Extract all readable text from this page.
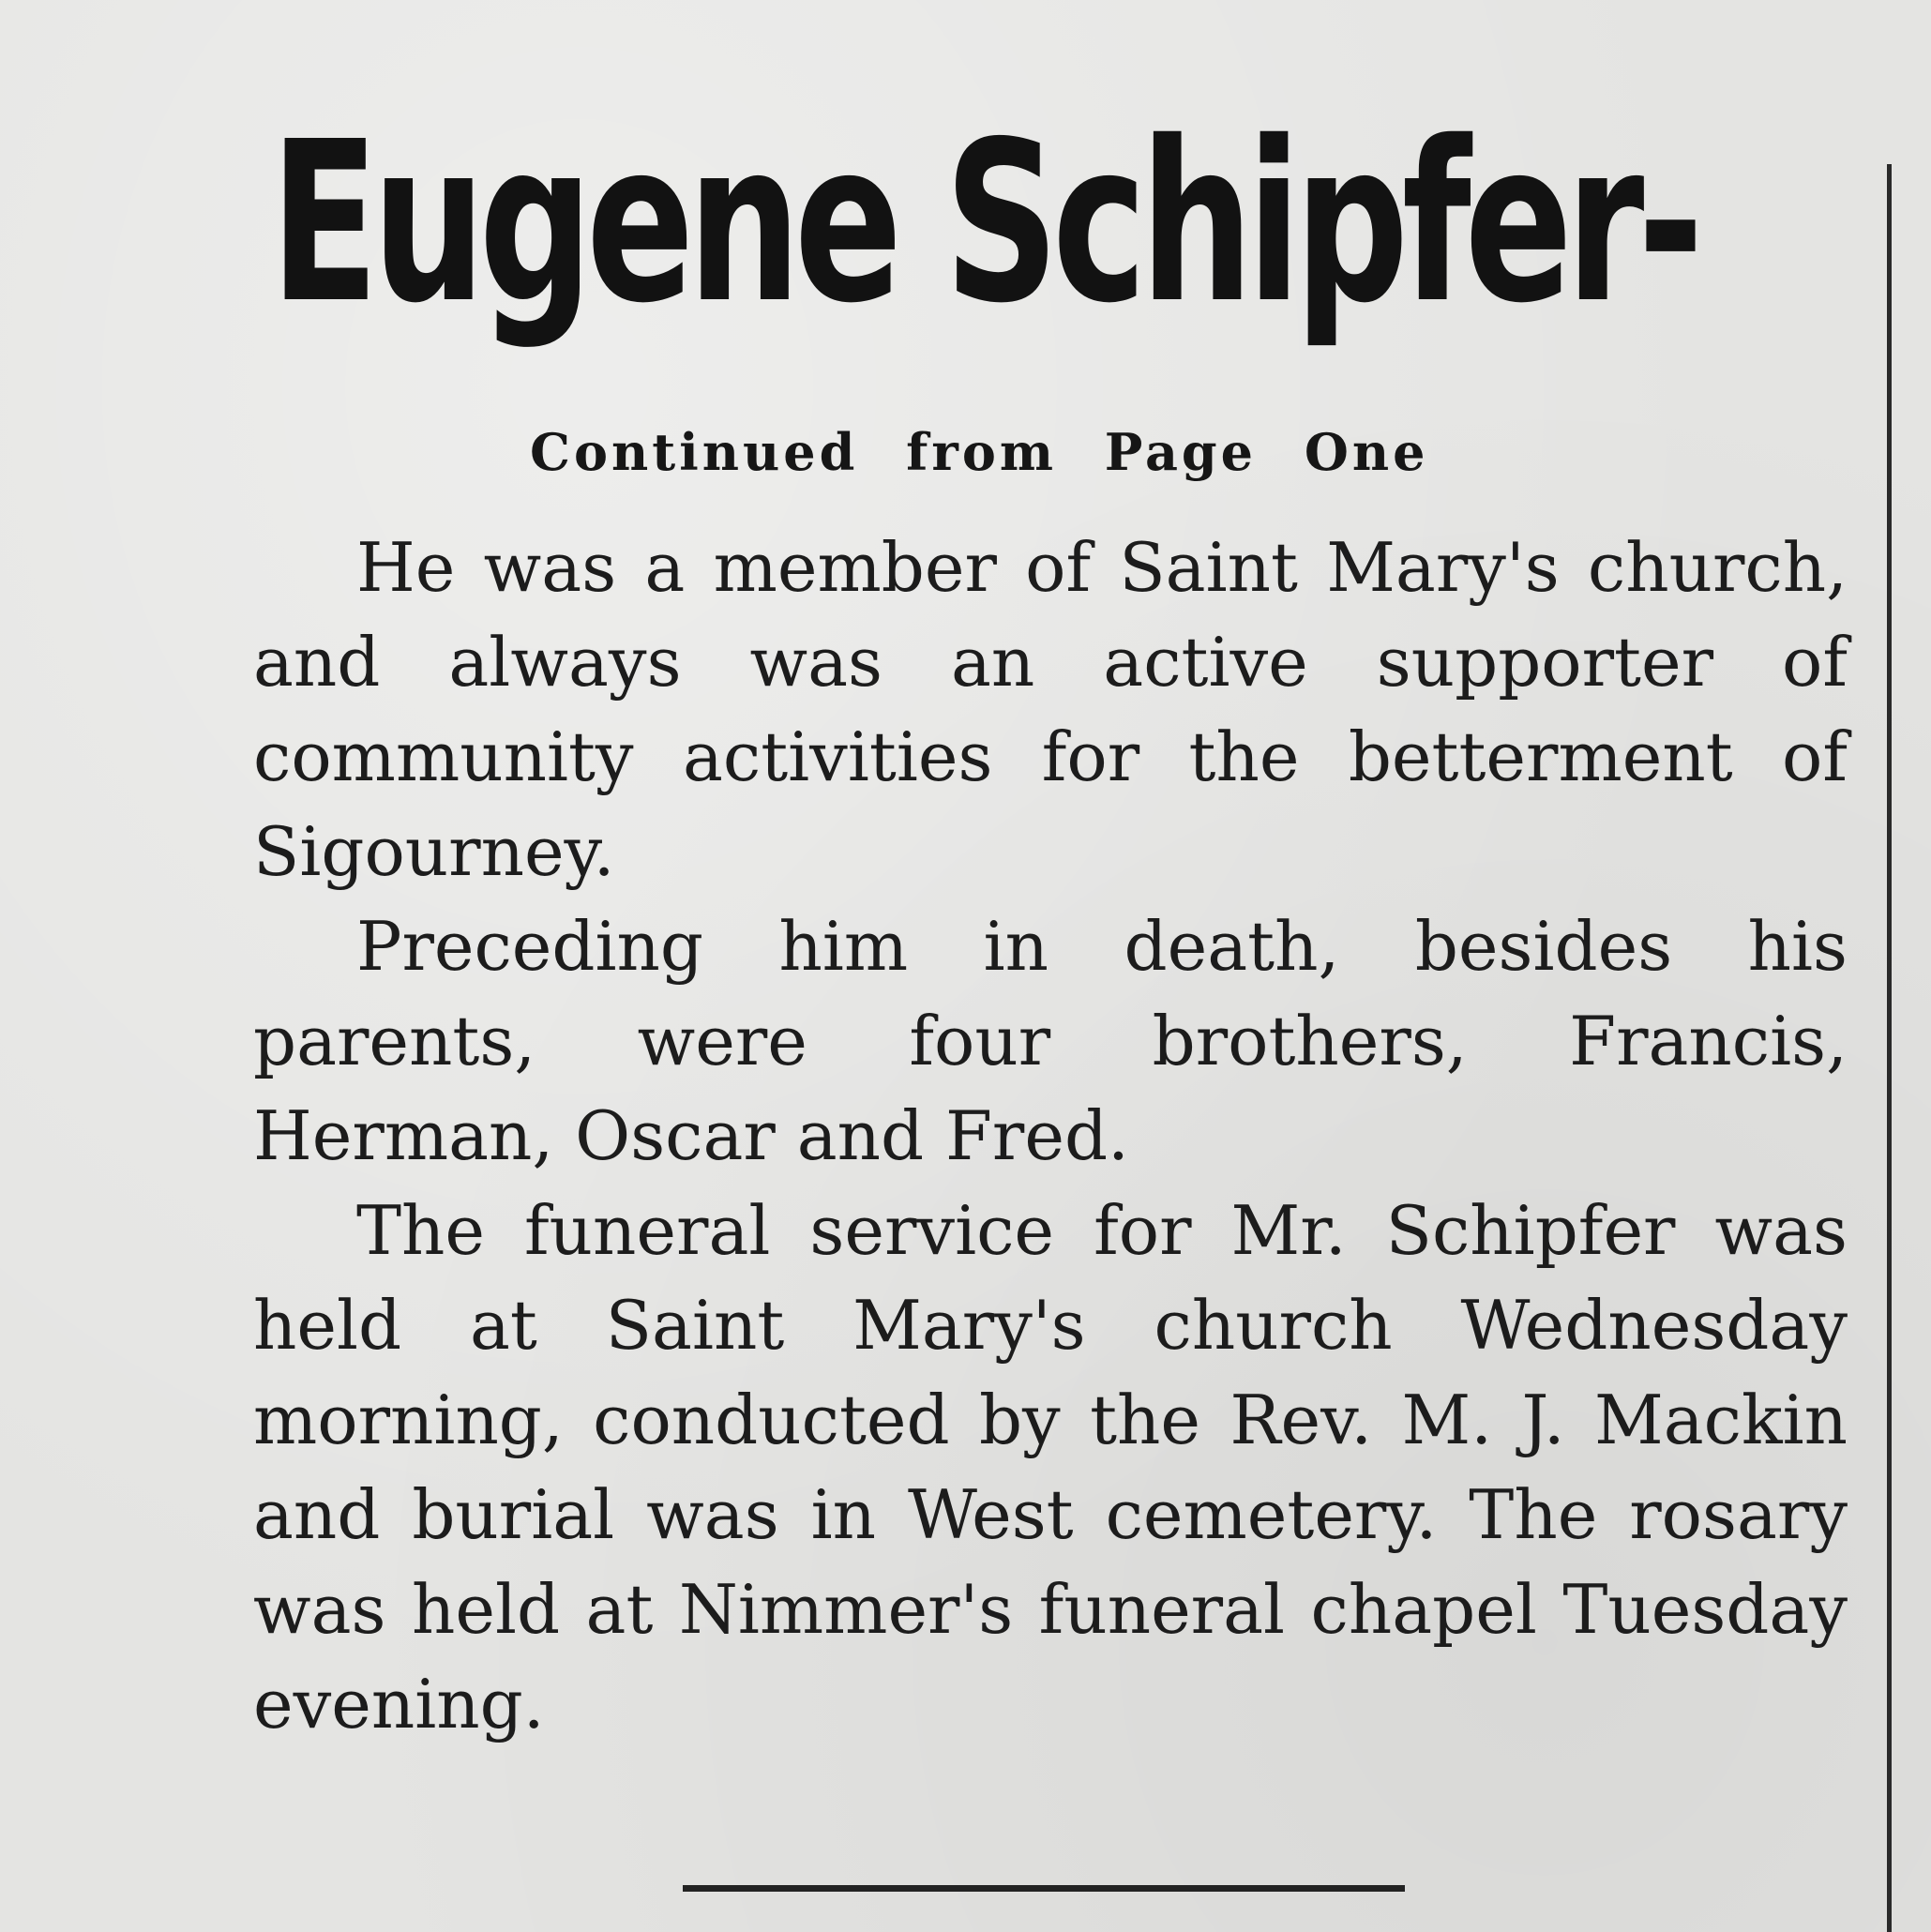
Eugene Schipfer-
Continued from Page One

He was a member of Saint Mary's church, and always was an active supporter of community activities for the betterment of Sigourney.

Preceding him in death, besides his parents, were four brothers, Francis, Herman, Oscar and Fred.

The funeral service for Mr. Schipfer was held at Saint Mary's church Wednesday morning, conducted by the Rev. M. J. Mackin and burial was in West cemetery. The rosary was held at Nimmer's funeral chapel Tuesday evening.
